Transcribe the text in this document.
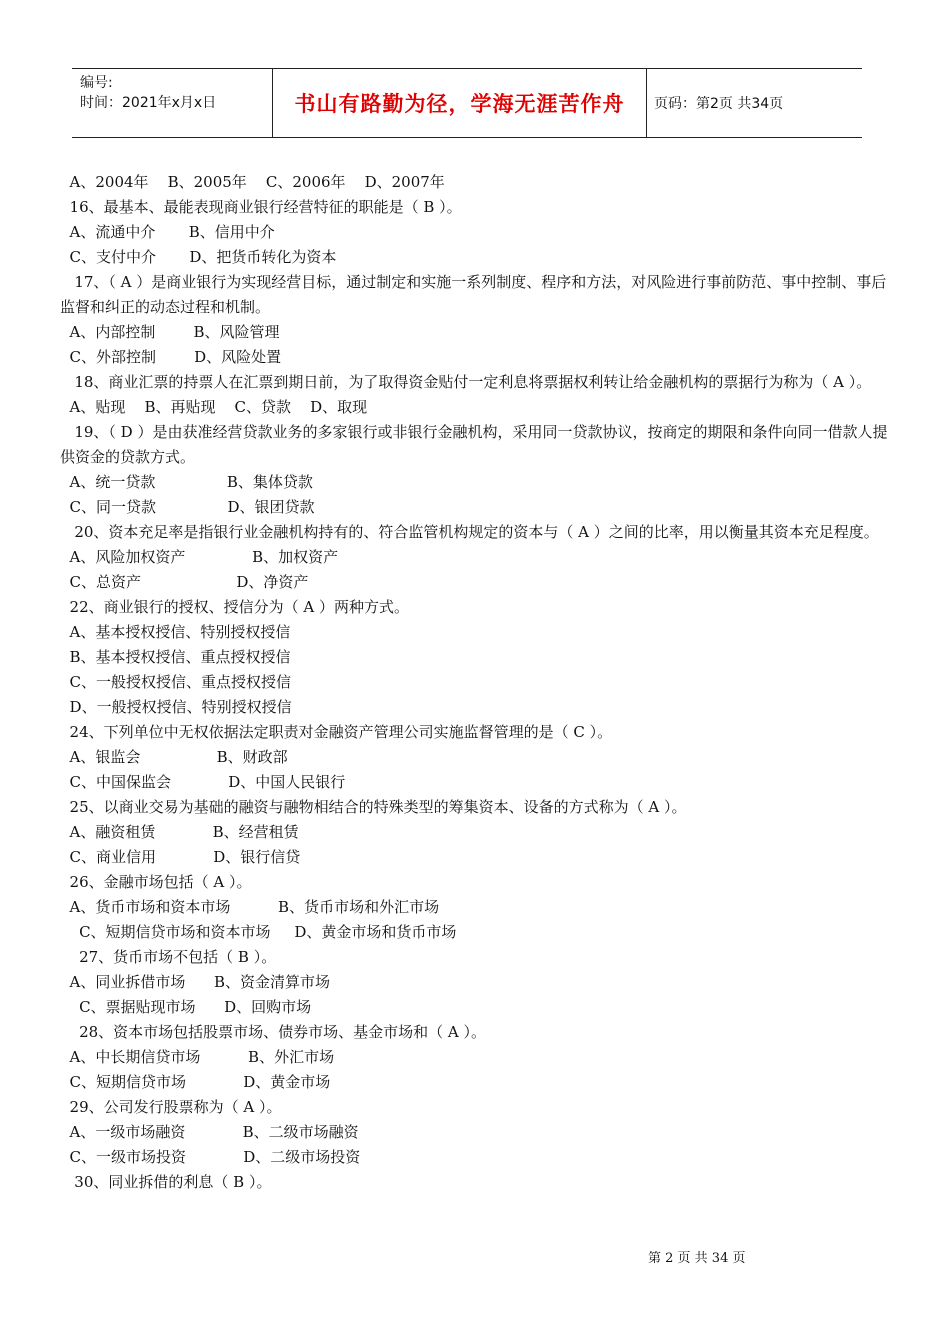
编号:
时间：2021年x月x日	书山有路勤为径，学海无涯苦作舟	页码：第2页 共34页
A、2004年    B、2005年    C、2006年    D、2007年
16、最基本、最能表现商业银行经营特征的职能是（ B ）。
A、流通中介       B、信用中介
C、支付中介       D、把货币转化为资本
17、（ A ）是商业银行为实现经营目标，通过制定和实施一系列制度、程序和方法，对风险进行事前防范、事中控制、事后监督和纠正的动态过程和机制。
A、内部控制        B、风险管理
C、外部控制        D、风险处置
18、商业汇票的持票人在汇票到期日前，为了取得资金贴付一定利息将票据权利转让给金融机构的票据行为称为（ A ）。
A、贴现    B、再贴现    C、贷款    D、取现
19、（ D ）是由获准经营贷款业务的多家银行或非银行金融机构，采用同一贷款协议，按商定的期限和条件向同一借款人提供资金的贷款方式。
A、统一贷款               B、集体贷款
C、同一贷款               D、银团贷款
20、资本充足率是指银行业金融机构持有的、符合监管机构规定的资本与（ A ）之间的比率，用以衡量其资本充足程度。
A、风险加权资产              B、加权资产
C、总资产                    D、净资产
22、商业银行的授权、授信分为（ A ）两种方式。
A、基本授权授信、特别授权授信
B、基本授权授信、重点授权授信
C、一般授权授信、重点授权授信
D、一般授权授信、特别授权授信
24、下列单位中无权依据法定职责对金融资产管理公司实施监督管理的是（ C ）。
A、银监会                B、财政部
C、中国保监会            D、中国人民银行
25、以商业交易为基础的融资与融物相结合的特殊类型的筹集资本、设备的方式称为（ A ）。
A、融资租赁            B、经营租赁
C、商业信用            D、银行信贷
26、金融市场包括（ A ）。
A、货币市场和资本市场          B、货币市场和外汇市场
C、短期信贷市场和资本市场     D、黄金市场和货币市场
27、货币市场不包括（ B ）。
A、同业拆借市场      B、资金清算市场
C、票据贴现市场      D、回购市场
28、资本市场包括股票市场、债券市场、基金市场和（ A ）。
A、中长期信贷市场          B、外汇市场
C、短期信贷市场            D、黄金市场
29、公司发行股票称为（ A ）。
A、一级市场融资            B、二级市场融资
C、一级市场投资            D、二级市场投资
30、同业拆借的利息（ B ）。
第 2 页 共 34 页
